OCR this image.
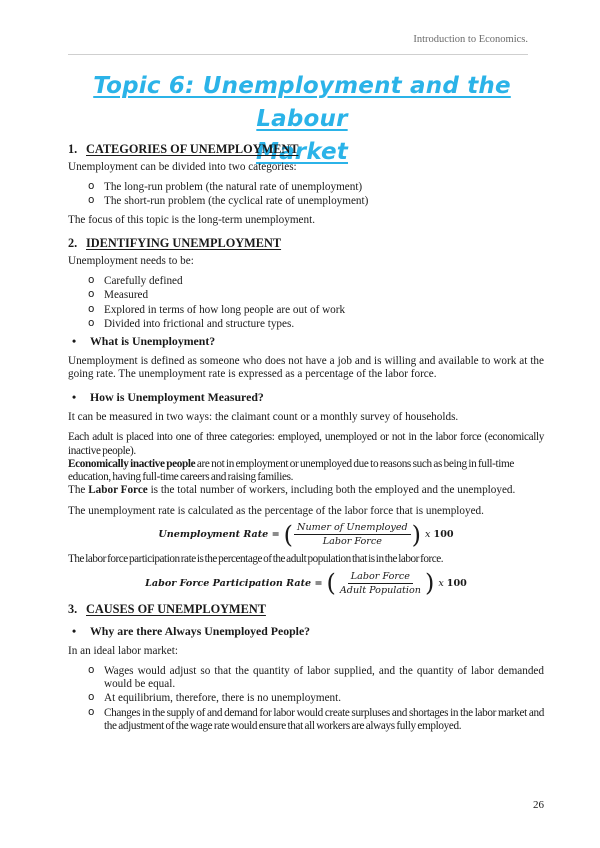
Introduction to Economics.
Topic 6: Unemployment and the Labour
Market
1. CATEGORIES OF UNEMPLOYMENT

Unemployment can be divided into two categories:

o The long-run problem (the natural rate of unemployment)
o The short-run problem (the cyclical rate of unemployment)

The focus of this topic is the long-term unemployment.

2. IDENTIFYING UNEMPLOYMENT

Unemployment needs to be:

o Carefully defined
o Measured
o Explored in terms of how long people are out of work
o Divided into frictional and structure types.
•	What is Unemployment?

Unemployment is defined as someone who does not have a job and is willing and available to work at the going rate. The unemployment rate is expressed as a percentage of the labor force.

•	How is Unemployment Measured?

It can be measured in two ways: the claimant count or a monthly survey of households.

Each adult is placed into one of three categories: employed, unemployed or not in the labor force (economically inactive people).

Economically inactive people are not in employment or unemployed due to reasons such as being in full-time education, having full-time careers and raising families.

The Labor Force is the total number of workers, including both the employed and the unemployed.

The unemployment rate is calculated as the percentage of the labor force that is unemployed.

Unemployment Rate = ( $\frac{\text{Numer of Unemployed}}{\text{Labor Force}}$ ) x 100

The labor force participation rate is the percentage of the adult population that is in the labor force.

Labor Force Participation Rate = ( $\frac{\text{Labor Force}}{\text{Adult Population}}$ ) x 100
3. CAUSES OF UNEMPLOYMENT
•	Why are there Always Unemployed People?

In an ideal labor market:

o Wages would adjust so that the quantity of labor supplied, and the quantity of labor demanded would be equal.
o At equilibrium, therefore, there is no unemployment.
o Changes in the supply of and demand for labor would create surpluses and shortages in the labor market and the adjustment of the wage rate would ensure that all workers are always fully employed.
26
